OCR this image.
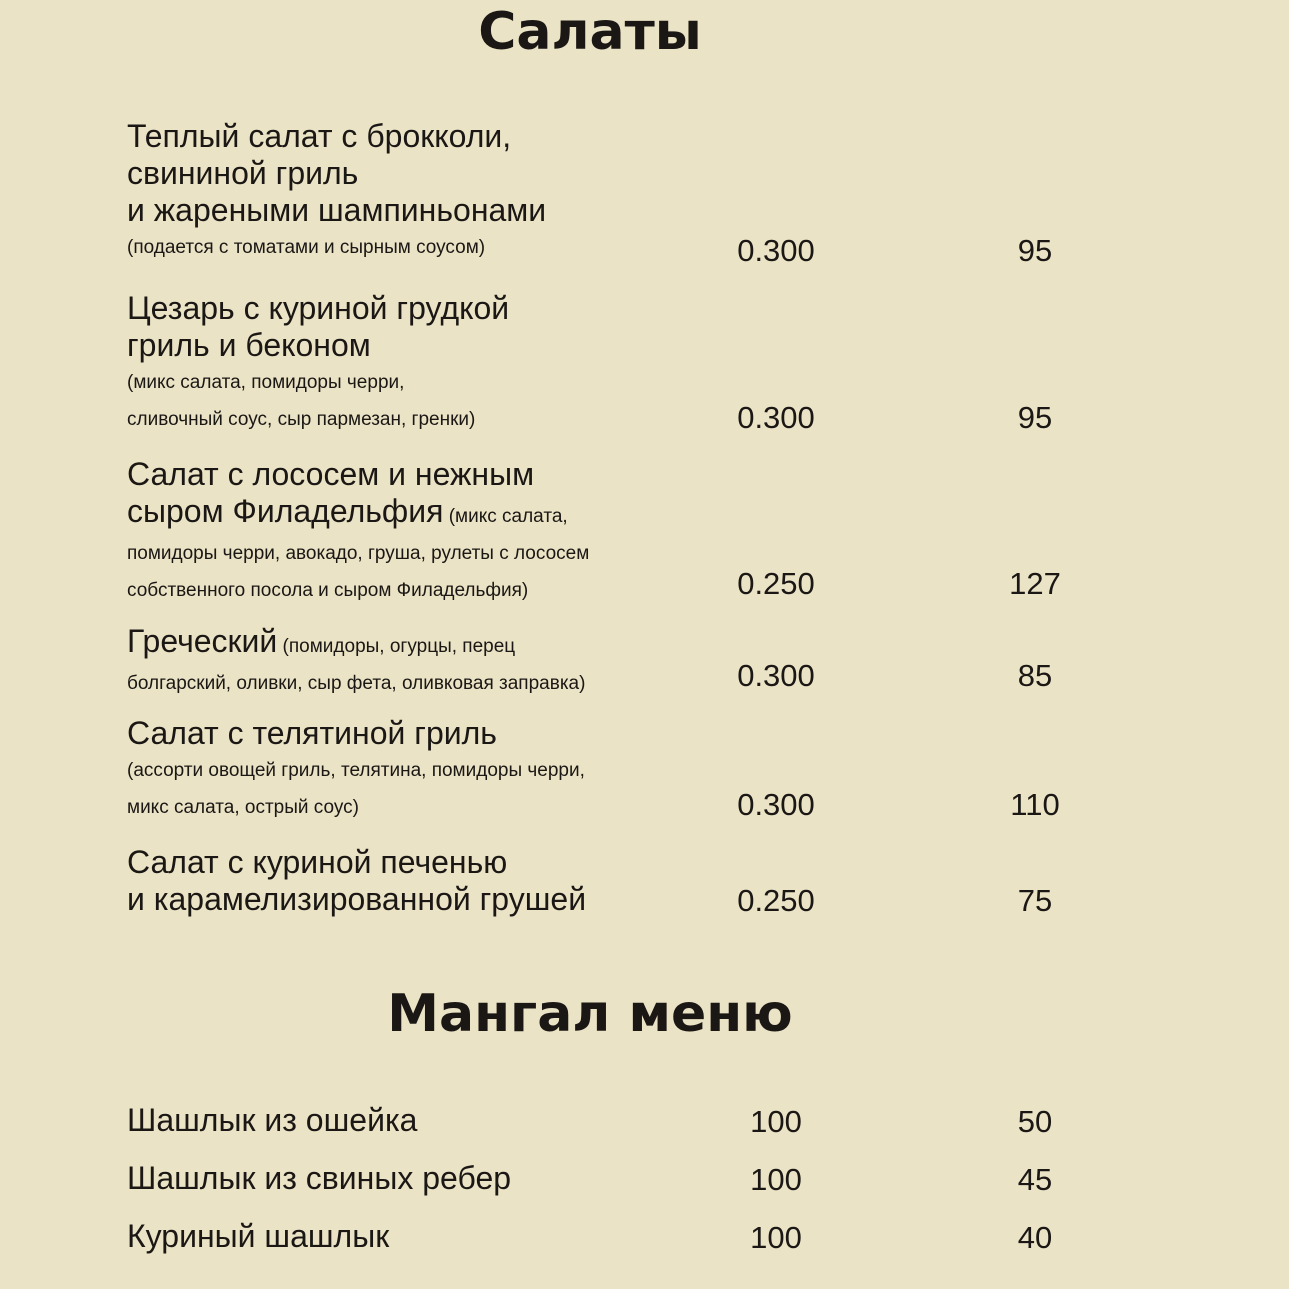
Салаты
Теплый салат с брокколи,
свининой гриль
и жареными шампиньонами
(подается с томатами и сырным соусом)	0.300	95
Цезарь с куриной грудкой
гриль и беконом
(микс салата, помидоры черри,
сливочный соус, сыр пармезан, гренки)	0.300	95
Салат с лососем и нежным
сыром Филадельфия (микс салата,
помидоры черри, авокадо, груша, рулеты с лососем
собственного посола и сыром Филадельфия)	0.250	127
Греческий (помидоры, огурцы, перец
болгарский, оливки, сыр фета, оливковая заправка)	0.300	85
Салат с телятиной гриль
(ассорти овощей гриль, телятина, помидоры черри,
микс салата, острый соус)	0.300	110
Салат с куриной печенью
и карамелизированной грушей	0.250	75
Мангал меню
Шашлык из ошейка	100	50
Шашлык из свиных ребер	100	45
Куриный шашлык	100	40
